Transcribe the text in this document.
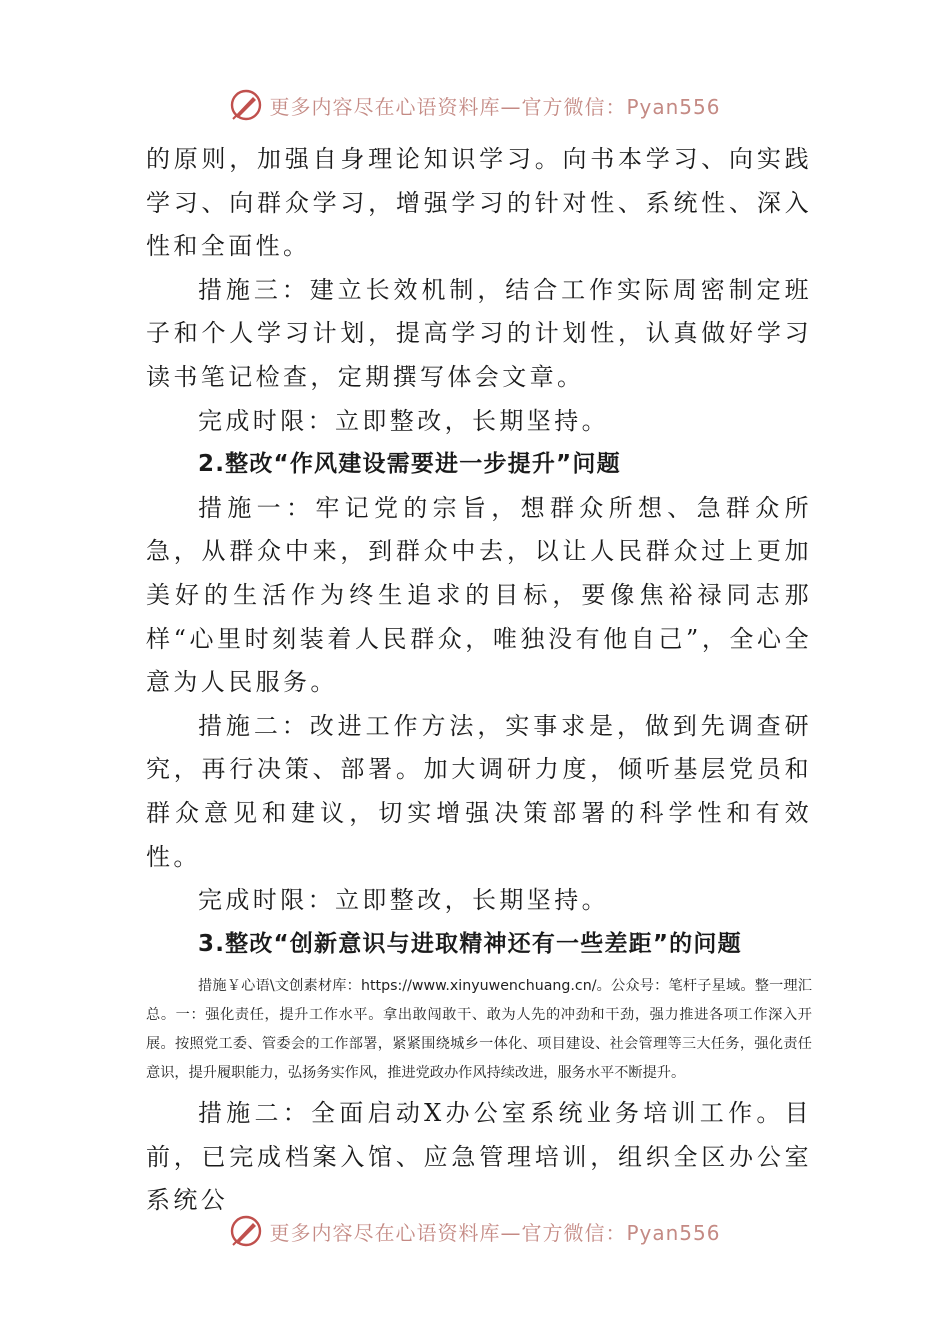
更多内容尽在心语资料库—官方微信：Pyan556

的原则，加强自身理论知识学习。向书本学习、向实践学习、向群众学习，增强学习的针对性、系统性、深入性和全面性。

措施三：建立长效机制，结合工作实际周密制定班子和个人学习计划，提高学习的计划性，认真做好学习读书笔记检查，定期撰写体会文章。

完成时限：立即整改，长期坚持。

2.整改“作风建设需要进一步提升”问题

措施一：牢记党的宗旨，想群众所想、急群众所急，从群众中来，到群众中去，以让人民群众过上更加美好的生活作为终生追求的目标，要像焦裕禄同志那样“心里时刻装着人民群众，唯独没有他自己”，全心全意为人民服务。

措施二：改进工作方法，实事求是，做到先调查研究，再行决策、部署。加大调研力度，倾听基层党员和群众意见和建议，切实增强决策部署的科学性和有效性。

完成时限：立即整改，长期坚持。

3.整改“创新意识与进取精神还有一些差距”的问题

措施￥心语\文创素材库：https://www.xinyuwenchuang.cn/。公众号：笔杆子星域。整一理汇总。一：强化责任，提升工作水平。拿出敢闯敢干、敢为人先的冲劲和干劲，强力推进各项工作深入开展。按照党工委、管委会的工作部署，紧紧围绕城乡一体化、项目建设、社会管理等三大任务，强化责任意识，提升履职能力，弘扬务实作风，推进党政办作风持续改进，服务水平不断提升。

措施二：全面启动X办公室系统业务培训工作。目前，已完成档案入馆、应急管理培训，组织全区办公室系统公

更多内容尽在心语资料库—官方微信：Pyan556
